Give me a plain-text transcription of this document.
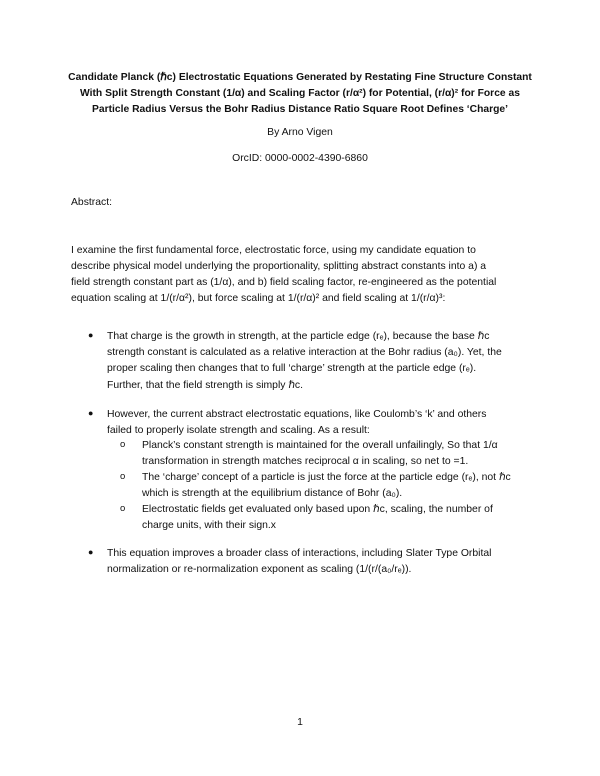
Candidate Planck (ℏc) Electrostatic Equations Generated by Restating Fine Structure Constant
With Split Strength Constant (1/α) and Scaling Factor (r/α²) for Potential, (r/α)² for Force as
Particle Radius Versus the Bohr Radius Distance Ratio Square Root Defines ‘Charge’
By Arno Vigen
OrcID: 0000-0002-4390-6860
Abstract:
I examine the first fundamental force, electrostatic force, using my candidate equation to
describe physical model underlying the proportionality, splitting abstract constants into a) a
field strength constant part as (1/α), and b) field scaling factor, re-engineered as the potential
equation scaling at 1/(r/α²), but force scaling at 1/(r/α)² and field scaling at 1/(r/α)³:
● That charge is the growth in strength, at the particle edge (rₑ), because the base ℏc
strength constant is calculated as a relative interaction at the Bohr radius (a₀). Yet, the
proper scaling then changes that to full ‘charge’ strength at the particle edge (rₑ).
Further, that the field strength is simply ℏc.
● However, the current abstract electrostatic equations, like Coulomb’s ‘k’ and others
failed to properly isolate strength and scaling. As a result:
o Planck’s constant strength is maintained for the overall unfailingly, So that 1/α
transformation in strength matches reciprocal α in scaling, so net to =1.
o The ‘charge’ concept of a particle is just the force at the particle edge (rₑ), not ℏc
which is strength at the equilibrium distance of Bohr (a₀).
o Electrostatic fields get evaluated only based upon ℏc, scaling, the number of
charge units, with their sign.x
● This equation improves a broader class of interactions, including Slater Type Orbital
normalization or re-normalization exponent as scaling (1/(r/(a₀/rₑ)).
1
